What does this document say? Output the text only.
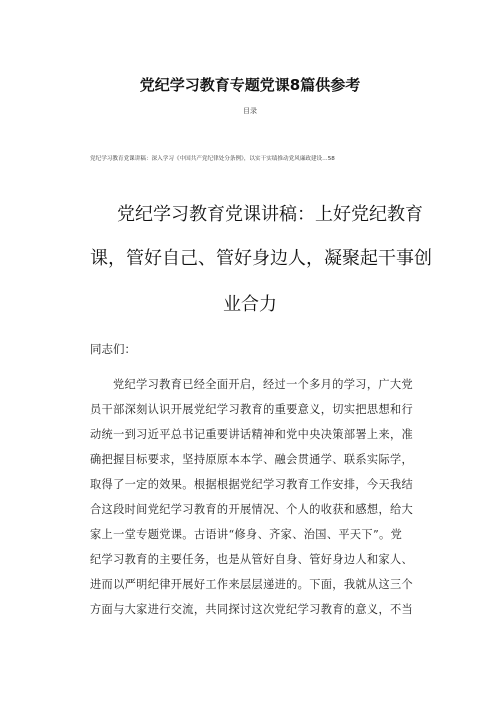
党纪学习教育专题党课8篇供参考
目录
党纪学习教育党课讲稿：深入学习《中国共产党纪律处分条例》，以实干实绩推动党风廉政建设…58
党纪学习教育党课讲稿：上好党纪教育
课，管好自己、管好身边人，凝聚起干事创
业合力
同志们：
党纪学习教育已经全面开启，经过一个多月的学习，广大党
员干部深刻认识开展党纪学习教育的重要意义，切实把思想和行
动统一到习近平总书记重要讲话精神和党中央决策部署上来，准
确把握目标要求，坚持原原本本学、融会贯通学、联系实际学，
取得了一定的效果。根据根据党纪学习教育工作安排，今天我结
合这段时间党纪学习教育的开展情况、个人的收获和感想，给大
家上一堂专题党课。古语讲“修身、齐家、治国、平天下”。党
纪学习教育的主要任务，也是从管好自身、管好身边人和家人、
进而以严明纪律开展好工作来层层递进的。下面，我就从这三个
方面与大家进行交流，共同探讨这次党纪学习教育的意义，不当
